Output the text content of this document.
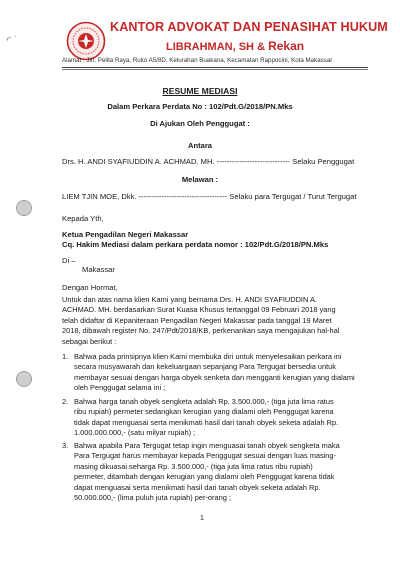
⌐ ·
KANTOR ADVOKAT DAN PENASIHAT HUKUM
LIBRAHMAN, SH & Rekan
Alamat : Jln. Pelita Raya, Ruko A5/8D, Kelurahan Buakana, Kecamatan Rappocini, Kota Makassar
RESUME MEDIASI
Dalam Perkara Perdata No : 102/Pdt.G/2018/PN.Mks
Di Ajukan Oleh Penggugat :
Antara
Drs. H. ANDI SYAFIUDDIN A. ACHMAD. MH. ----------------------------- Selaku Penggugat
Melawan :
LIEM TJIN MOE, Dkk. ----------------------------------- Selaku para Tergugat / Turut Tergugat
Kepada Yth,
Ketua Pengadilan Negeri Makassar
Cq. Hakim Mediasi dalam perkara perdata nomor : 102/Pdt.G/2018/PN.Mks
Di –
Makassar
Dengan Hormat,
Untuk dan atas nama klien Kami yang bernama Drs. H. ANDI SYAFIUDDIN A.
ACHMAD. MH. berdasarkan Surat Kuasa Khusus tertanggal 09 Februari 2018 yang
telah didaftar di Kepaniteraan Pengadilan Negeri Makassar pada tanggal 19 Maret
2018, dibawah register No. 247/Pdt/2018/KB, perkenankan saya mengajukan hal-hal
sebagai berikut :
1. Bahwa pada prinsipnya klien Kami membuka diri untuk menyelesaikan perkara ini
secara musyawarah dan kekeluargaan sepanjang Para Tergugat bersedia untuk
membayar sesuai dengan harga obyek senketa dan mengganti kerugian yang dialami
oleh Penggugat selama ini ;
2. Bahwa harga tanah obyek sengketa adalah Rp. 3.500.000,- (tiga juta lima ratus
ribu rupiah) permeter sedangkan kerugian yang dialami oleh Penggugat karena
tidak dapat menguasai serta menikmati hasil dari tanah obyek seketa adalah Rp.
1.000.000.000,- (satu milyar rupiah) ;
3. Bahwa apabila Para Tergugat tetap ingin menguasai tanah obyek sengketa maka
Para Tergugat harus membayar kepada Penggugat sesuai dengan luas masing-
masing dikuasai seharga Rp. 3.500.000,- (tiga juta lima ratus ribu rupiah)
permeter, ditambah dengan kerugian yang dialami oleh Penggugat karena tidak
dapat menguasai serta menikmati hasil dari tanah obyek seketa adalah Rp.
50.000.000,- (lima puluh juta rupiah) per-orang ;
1
